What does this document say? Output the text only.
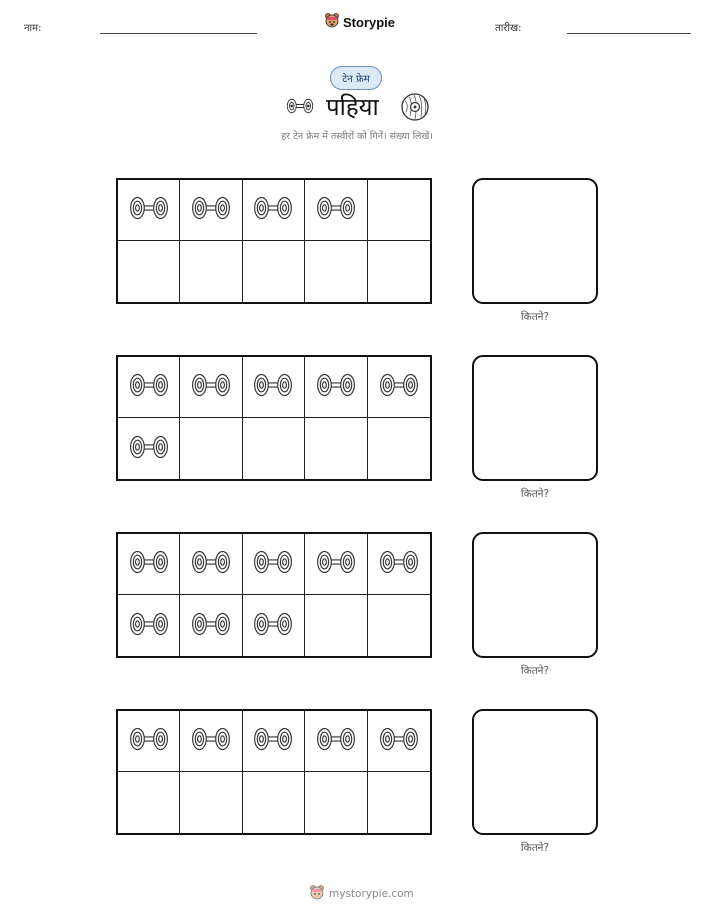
नाम:	Storypie	तारीख:
टेन फ्रेम
पहिया
हर टेन फ्रेम में तस्वीरों को गिनें। संख्या लिखें।
कितने?
कितने?
कितने?
कितने?
mystorypie.com
